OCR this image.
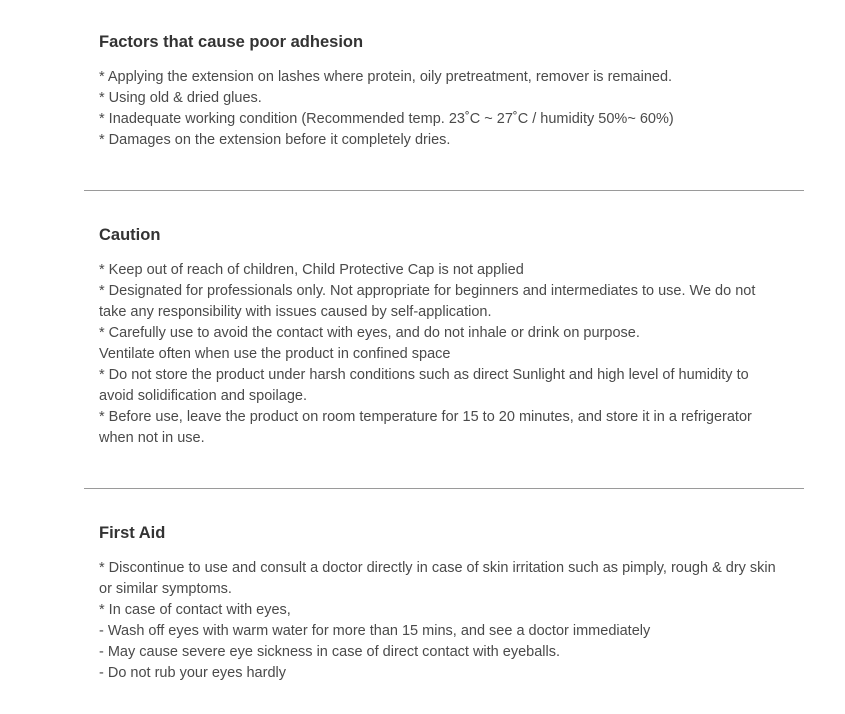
Factors that cause poor adhesion
* Applying the extension on lashes where protein, oily pretreatment, remover is remained.
* Using old & dried glues.
* Inadequate working condition (Recommended temp. 23˚C ~ 27˚C / humidity 50%~ 60%)
* Damages on the extension before it completely dries.
Caution
* Keep out of reach of children, Child Protective Cap is not applied
* Designated for professionals only. Not appropriate for beginners and intermediates to use. We do not
take any responsibility with issues caused by self-application.
* Carefully use to avoid the contact with eyes, and do not inhale or drink on purpose.
Ventilate often when use the product in confined space
* Do not store the product under harsh conditions such as direct Sunlight and high level of humidity to
avoid solidification and spoilage.
* Before use, leave the product on room temperature for 15 to 20 minutes, and store it in a refrigerator
when not in use.
First Aid
* Discontinue to use and consult a doctor directly in case of skin irritation such as pimply, rough & dry skin
or similar symptoms.
* In case of contact with eyes,
- Wash off eyes with warm water for more than 15 mins, and see a doctor immediately
- May cause severe eye sickness in case of direct contact with eyeballs.
- Do not rub your eyes hardly
